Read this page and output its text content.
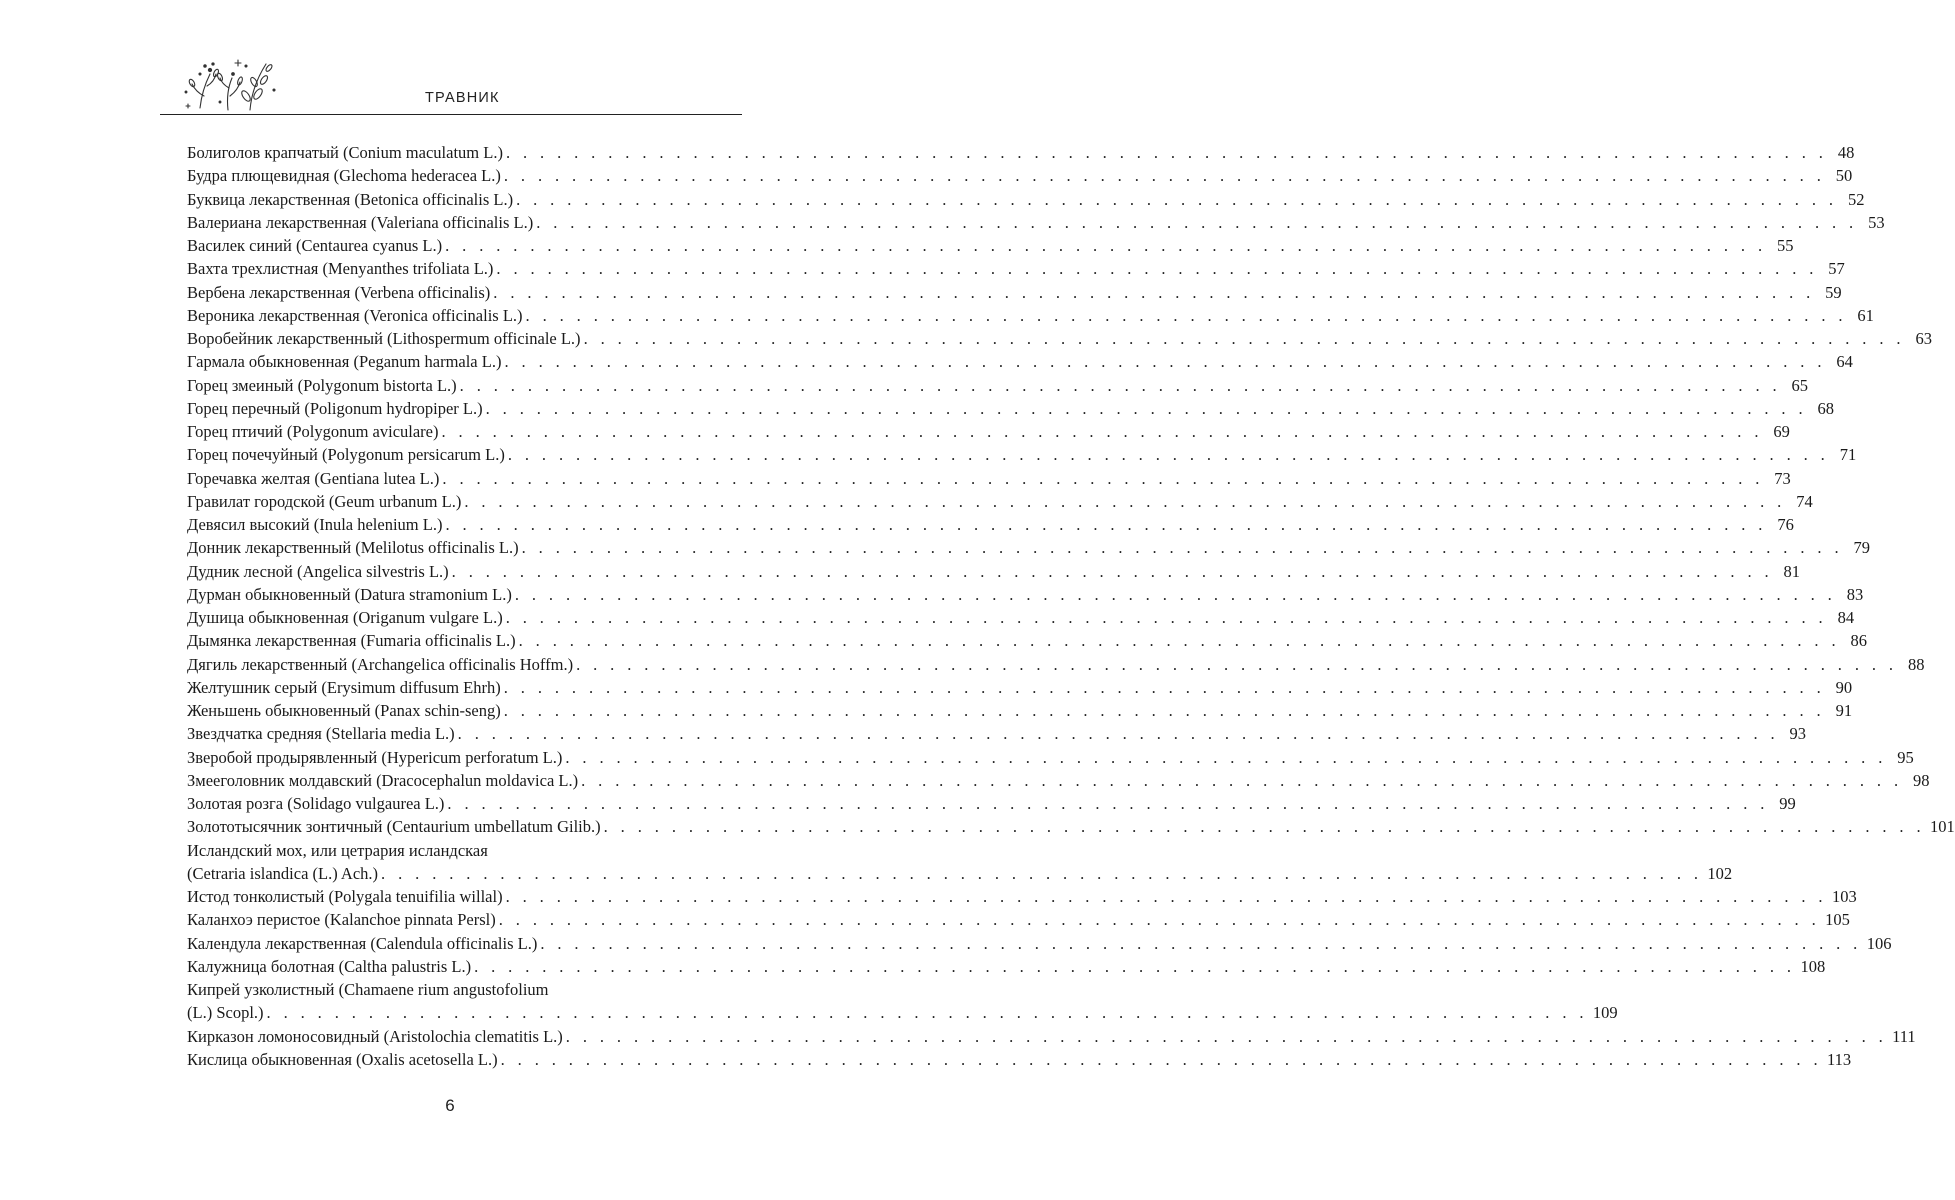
ТРАВНИК
Болиголов крапчатый (Conium maculatum L.) . . . . . . . . . . . . . . . . . . . . . . . . . . . . . . . . . . . . . . . . . . . . . . . . . . . . . . . . . . . . . . . . . . . . . . . . . . . . . . 48
Будра плющевидная (Glechoma hederacea L.) . . . . . . . . . . . . . . . . . . . . . . . . . . . . . . . . . . . . . . . . . . . . . . . . . . . . . . . . . . . . . . . . . . . . . . . . . . . . . . 50
Буквица лекарственная (Betonica officinalis L.) . . . . . . . . . . . . . . . . . . . . . . . . . . . . . . . . . . . . . . . . . . . . . . . . . . . . . . . . . . . . . . . . . . . . . . . . . . . . . . 52
Валериана лекарственная (Valeriana officinalis L.) . . . . . . . . . . . . . . . . . . . . . . . . . . . . . . . . . . . . . . . . . . . . . . . . . . . . . . . . . . . . . . . . . . . . . . . . . . . . . . 53
Василек синий (Centaurea cyanus L.) . . . . . . . . . . . . . . . . . . . . . . . . . . . . . . . . . . . . . . . . . . . . . . . . . . . . . . . . . . . . . . . . . . . . . . . . . . . . . . 55
Вахта трехлистная (Menyanthes trifoliata L.) . . . . . . . . . . . . . . . . . . . . . . . . . . . . . . . . . . . . . . . . . . . . . . . . . . . . . . . . . . . . . . . . . . . . . . . . . . . . . . 57
Вербена лекарственная (Verbena officinalis) . . . . . . . . . . . . . . . . . . . . . . . . . . . . . . . . . . . . . . . . . . . . . . . . . . . . . . . . . . . . . . . . . . . . . . . . . . . . . . 59
Вероника лекарственная (Veronica officinalis L.) . . . . . . . . . . . . . . . . . . . . . . . . . . . . . . . . . . . . . . . . . . . . . . . . . . . . . . . . . . . . . . . . . . . . . . . . . . . . . . 61
Воробейник лекарственный (Lithospermum officinale L.) . . . . . . . . . . . . . . . . . . . . . . . . . . . . . . . . . . . . . . . . . . . . . . . . . . . . . . . . . . . . . . . . . . . . . . . . . . . . . . 63
Гармала обыкновенная (Peganum harmala L.) . . . . . . . . . . . . . . . . . . . . . . . . . . . . . . . . . . . . . . . . . . . . . . . . . . . . . . . . . . . . . . . . . . . . . . . . . . . . . . 64
Горец змеиный (Polygonum bistorta L.) . . . . . . . . . . . . . . . . . . . . . . . . . . . . . . . . . . . . . . . . . . . . . . . . . . . . . . . . . . . . . . . . . . . . . . . . . . . . . . 65
Горец перечный (Poligonum hydropiper L.) . . . . . . . . . . . . . . . . . . . . . . . . . . . . . . . . . . . . . . . . . . . . . . . . . . . . . . . . . . . . . . . . . . . . . . . . . . . . . . 68
Горец птичий (Polygonum aviculare) . . . . . . . . . . . . . . . . . . . . . . . . . . . . . . . . . . . . . . . . . . . . . . . . . . . . . . . . . . . . . . . . . . . . . . . . . . . . . . 69
Горец почечуйный (Polygonum persicarum L.) . . . . . . . . . . . . . . . . . . . . . . . . . . . . . . . . . . . . . . . . . . . . . . . . . . . . . . . . . . . . . . . . . . . . . . . . . . . . . . 71
Горечавка желтая (Gentiana lutea L.) . . . . . . . . . . . . . . . . . . . . . . . . . . . . . . . . . . . . . . . . . . . . . . . . . . . . . . . . . . . . . . . . . . . . . . . . . . . . . . 73
Гравилат городской (Geum urbanum L.) . . . . . . . . . . . . . . . . . . . . . . . . . . . . . . . . . . . . . . . . . . . . . . . . . . . . . . . . . . . . . . . . . . . . . . . . . . . . . . 74
Девясил высокий (Inula helenium L.) . . . . . . . . . . . . . . . . . . . . . . . . . . . . . . . . . . . . . . . . . . . . . . . . . . . . . . . . . . . . . . . . . . . . . . . . . . . . . . 76
Донник лекарственный (Melilotus officinalis L.) . . . . . . . . . . . . . . . . . . . . . . . . . . . . . . . . . . . . . . . . . . . . . . . . . . . . . . . . . . . . . . . . . . . . . . . . . . . . . . 79
Дудник лесной (Angelica silvestris L.) . . . . . . . . . . . . . . . . . . . . . . . . . . . . . . . . . . . . . . . . . . . . . . . . . . . . . . . . . . . . . . . . . . . . . . . . . . . . . . 81
Дурман обыкновенный (Datura stramonium L.) . . . . . . . . . . . . . . . . . . . . . . . . . . . . . . . . . . . . . . . . . . . . . . . . . . . . . . . . . . . . . . . . . . . . . . . . . . . . . . 83
Душица обыкновенная (Origanum vulgare L.) . . . . . . . . . . . . . . . . . . . . . . . . . . . . . . . . . . . . . . . . . . . . . . . . . . . . . . . . . . . . . . . . . . . . . . . . . . . . . . 84
Дымянка лекарственная (Fumaria officinalis L.) . . . . . . . . . . . . . . . . . . . . . . . . . . . . . . . . . . . . . . . . . . . . . . . . . . . . . . . . . . . . . . . . . . . . . . . . . . . . . . 86
Дягиль лекарственный (Archangelica officinalis Hoffm.) . . . . . . . . . . . . . . . . . . . . . . . . . . . . . . . . . . . . . . . . . . . . . . . . . . . . . . . . . . . . . . . . . . . . . . . . . . . . . . 88
Желтушник серый (Erysimum diffusum Ehrh) . . . . . . . . . . . . . . . . . . . . . . . . . . . . . . . . . . . . . . . . . . . . . . . . . . . . . . . . . . . . . . . . . . . . . . . . . . . . . . 90
Женьшень обыкновенный (Panax schin-seng) . . . . . . . . . . . . . . . . . . . . . . . . . . . . . . . . . . . . . . . . . . . . . . . . . . . . . . . . . . . . . . . . . . . . . . . . . . . . . . 91
Звездчатка средняя (Stellaria media L.) . . . . . . . . . . . . . . . . . . . . . . . . . . . . . . . . . . . . . . . . . . . . . . . . . . . . . . . . . . . . . . . . . . . . . . . . . . . . . . 93
Зверобой продырявленный (Hypericum perforatum L.) . . . . . . . . . . . . . . . . . . . . . . . . . . . . . . . . . . . . . . . . . . . . . . . . . . . . . . . . . . . . . . . . . . . . . . . . . . . . . . 95
Змееголовник молдавский (Dracocephalun moldavica L.) . . . . . . . . . . . . . . . . . . . . . . . . . . . . . . . . . . . . . . . . . . . . . . . . . . . . . . . . . . . . . . . . . . . . . . . . . . . . . . 98
Золотая розга (Solidago vulgaurea L.) . . . . . . . . . . . . . . . . . . . . . . . . . . . . . . . . . . . . . . . . . . . . . . . . . . . . . . . . . . . . . . . . . . . . . . . . . . . . . . 99
Золототысячник зонтичный (Centaurium umbellatum Gilib.) . . . . . . . . . . . . . . . . . . . . . . . . . . . . . . . . . . . . . . . . . . . . . . . . . . . . . . . . . . . . . . . . . . . . . . . . . . . . . . 101
Исландский мох, или цетрария исландская
(Cetraria islandica (L.) Ach.) . . . . . . . . . . . . . . . . . . . . . . . . . . . . . . . . . . . . . . . . . . . . . . . . . . . . . . . . . . . . . . . . . . . . . . . . . . . . . . 102
Истод тонколистый (Polygala tenuifilia willal) . . . . . . . . . . . . . . . . . . . . . . . . . . . . . . . . . . . . . . . . . . . . . . . . . . . . . . . . . . . . . . . . . . . . . . . . . . . . . . 103
Каланхоэ перистое (Kalanchoe pinnata Persl) . . . . . . . . . . . . . . . . . . . . . . . . . . . . . . . . . . . . . . . . . . . . . . . . . . . . . . . . . . . . . . . . . . . . . . . . . . . . . . 105
Календула лекарственная (Calendula officinalis L.) . . . . . . . . . . . . . . . . . . . . . . . . . . . . . . . . . . . . . . . . . . . . . . . . . . . . . . . . . . . . . . . . . . . . . . . . . . . . . . 106
Калужница болотная (Caltha palustris L.) . . . . . . . . . . . . . . . . . . . . . . . . . . . . . . . . . . . . . . . . . . . . . . . . . . . . . . . . . . . . . . . . . . . . . . . . . . . . . . 108
Кипрей узколистный (Chamaene rium angustofolium
(L.) Scopl.) . . . . . . . . . . . . . . . . . . . . . . . . . . . . . . . . . . . . . . . . . . . . . . . . . . . . . . . . . . . . . . . . . . . . . . . . . . . . . . 109
Кирказон ломоносовидный (Aristolochia clematitis L.) . . . . . . . . . . . . . . . . . . . . . . . . . . . . . . . . . . . . . . . . . . . . . . . . . . . . . . . . . . . . . . . . . . . . . . . . . . . . . . 111
Кислица обыкновенная (Oxalis acetosella L.) . . . . . . . . . . . . . . . . . . . . . . . . . . . . . . . . . . . . . . . . . . . . . . . . . . . . . . . . . . . . . . . . . . . . . . . . . . . . . . 113
6
